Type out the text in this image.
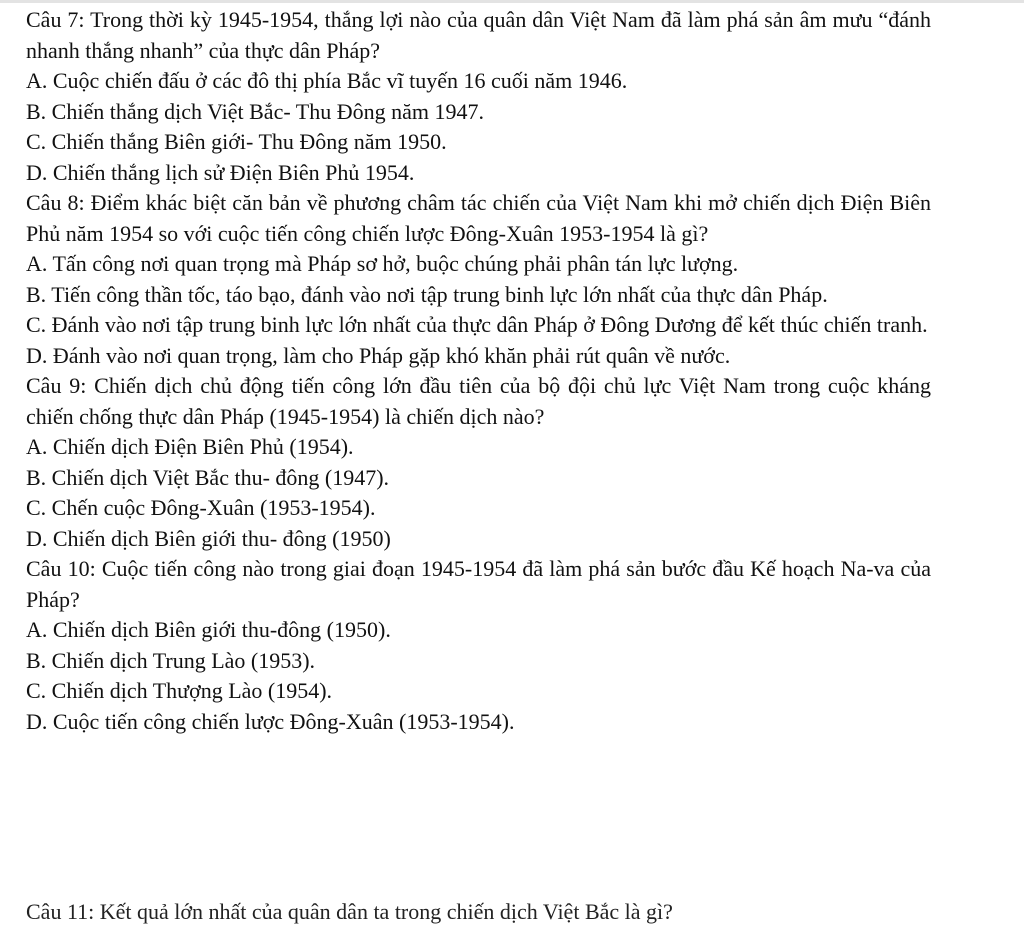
Câu 7: Trong thời kỳ 1945-1954, thắng lợi nào của quân dân Việt Nam đã làm phá sản âm mưu “đánh nhanh thắng nhanh” của thực dân Pháp?

A. Cuộc chiến đấu ở các đô thị phía Bắc vĩ tuyến 16 cuối năm 1946.

B. Chiến thắng dịch Việt Bắc- Thu Đông năm 1947.

C. Chiến thắng Biên giới- Thu Đông năm 1950.

D. Chiến thắng lịch sử Điện Biên Phủ 1954.

Câu 8: Điểm khác biệt căn bản về phương châm tác chiến của Việt Nam khi mở chiến dịch Điện Biên Phủ năm 1954 so với cuộc tiến công chiến lược Đông-Xuân 1953-1954 là gì?

A. Tấn công nơi quan trọng mà Pháp sơ hở, buộc chúng phải phân tán lực lượng.

B. Tiến công thần tốc, táo bạo, đánh vào nơi tập trung binh lực lớn nhất của thực dân Pháp.

C. Đánh vào nơi tập trung binh lực lớn nhất của thực dân Pháp ở Đông Dương để kết thúc chiến tranh.

D. Đánh vào nơi quan trọng, làm cho Pháp gặp khó khăn phải rút quân về nước.

Câu 9: Chiến dịch chủ động tiến công lớn đầu tiên của bộ đội chủ lực Việt Nam trong cuộc kháng chiến chống thực dân Pháp (1945-1954) là chiến dịch nào?

A. Chiến dịch Điện Biên Phủ (1954).

B. Chiến dịch Việt Bắc thu- đông (1947).

C. Chến cuộc Đông-Xuân (1953-1954).

D. Chiến dịch Biên giới thu- đông (1950)

Câu 10: Cuộc tiến công nào trong giai đoạn 1945-1954 đã làm phá sản bước đầu Kế hoạch Na-va của Pháp?

A. Chiến dịch Biên giới thu-đông (1950).

B. Chiến dịch Trung Lào (1953).

C. Chiến dịch Thượng Lào (1954).

D. Cuộc tiến công chiến lược Đông-Xuân (1953-1954).

Câu 11: Kết quả lớn nhất của quân dân ta trong chiến dịch Việt Bắc là gì?
